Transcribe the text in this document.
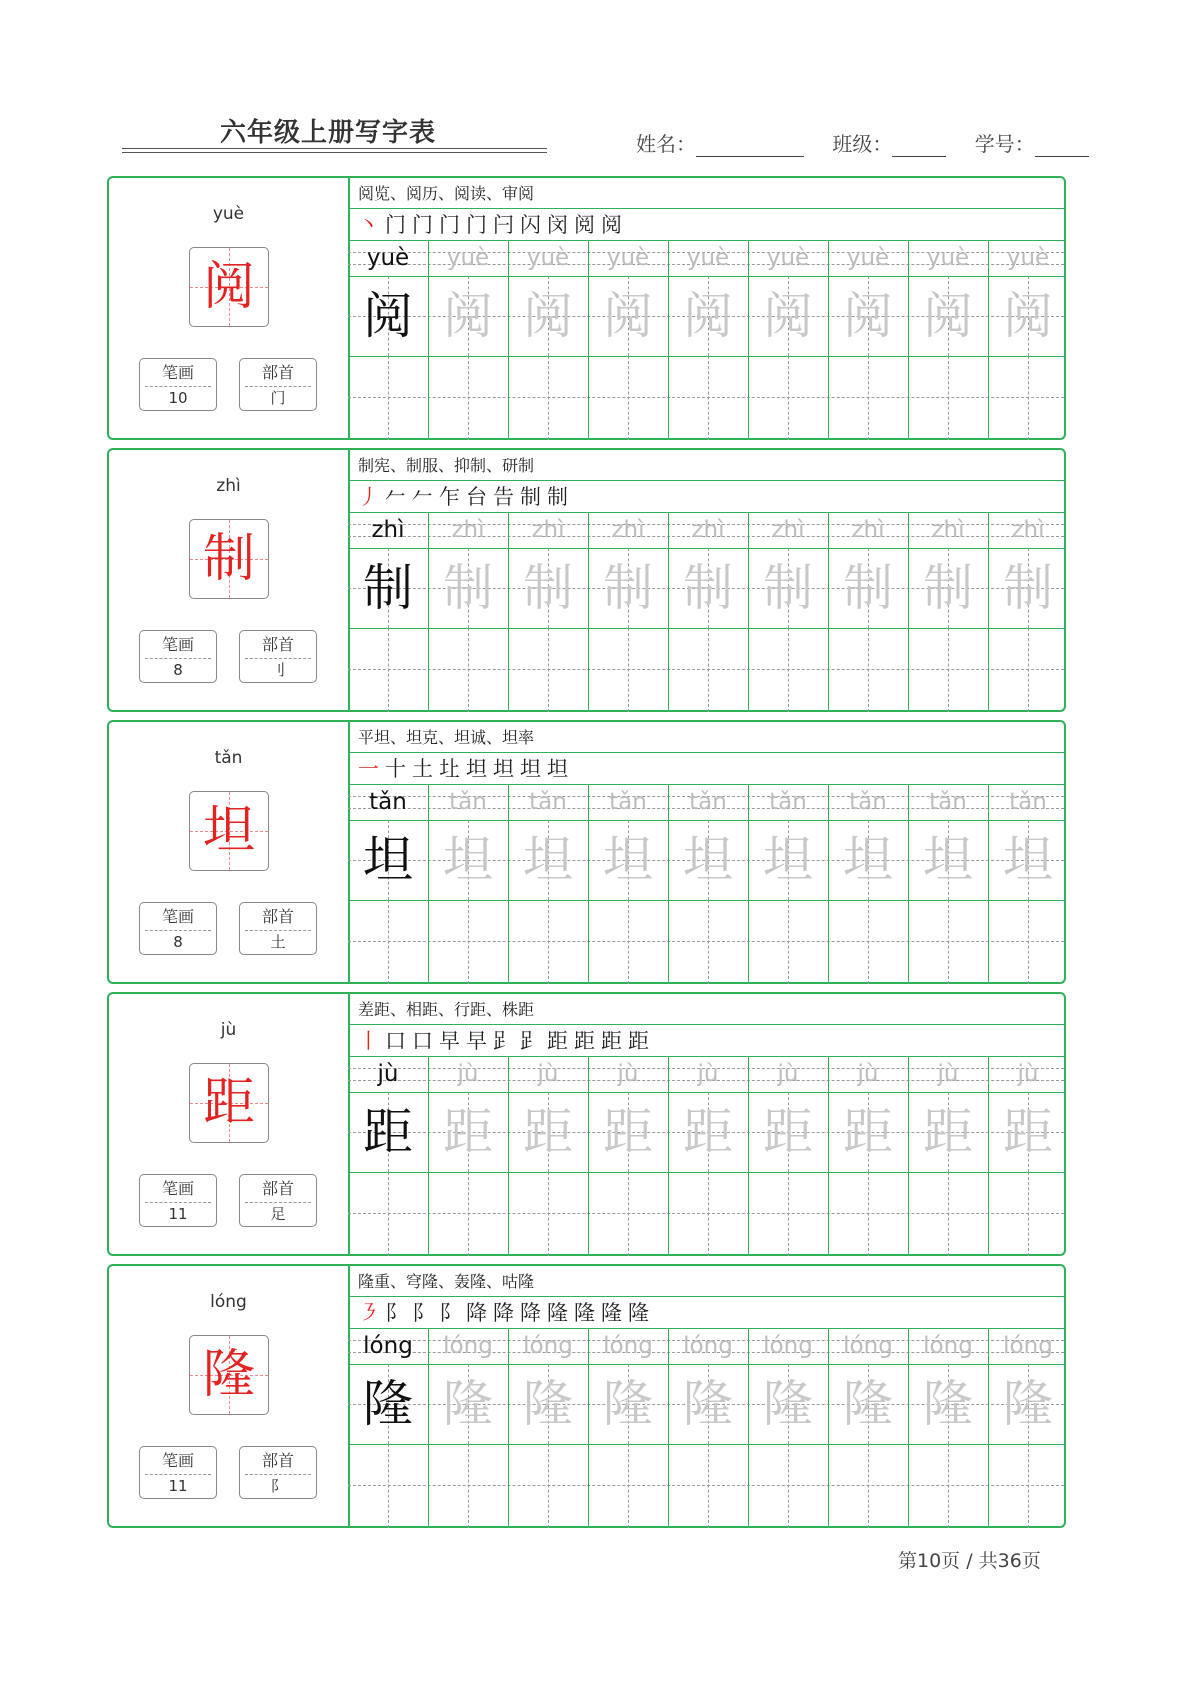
六年级上册写字表	姓名：	班级：	学号：
yuè
阅
笔画
10
部首
门
阅览、阅历、阅读、审阅
丶 门 门 门 门 闩 闪 闵 阅 阅
yuè
阅
yuè
阅
yuè
阅
yuè
阅
yuè
阅
yuè
阅
yuè
阅
yuè
阅
yuè
阅
zhì
制
笔画
8
部首
刂
制宪、制服、抑制、研制
丿 𠂉 𠂉 乍 台 告 制 制
zhì
制
zhì
制
zhì
制
zhì
制
zhì
制
zhì
制
zhì
制
zhì
制
zhì
制
tǎn
坦
笔画
8
部首
土
平坦、坦克、坦诚、坦率
一 十 土 圵 坦 坦 坦 坦
tǎn
坦
tǎn
坦
tǎn
坦
tǎn
坦
tǎn
坦
tǎn
坦
tǎn
坦
tǎn
坦
tǎn
坦
jù
距
笔画
11
部首
足
差距、相距、行距、株距
丨 口 口 早 早 𧾷 𧾷 距 距 距 距
jù
距
jù
距
jù
距
jù
距
jù
距
jù
距
jù
距
jù
距
jù
距
lóng
隆
笔画
11
部首
阝
隆重、穹隆、轰隆、咕隆
㇋ 阝 阝 阝 降 降 降 隆 隆 隆 隆
lóng
隆
lóng
隆
lóng
隆
lóng
隆
lóng
隆
lóng
隆
lóng
隆
lóng
隆
lóng
隆
第10页 / 共36页
